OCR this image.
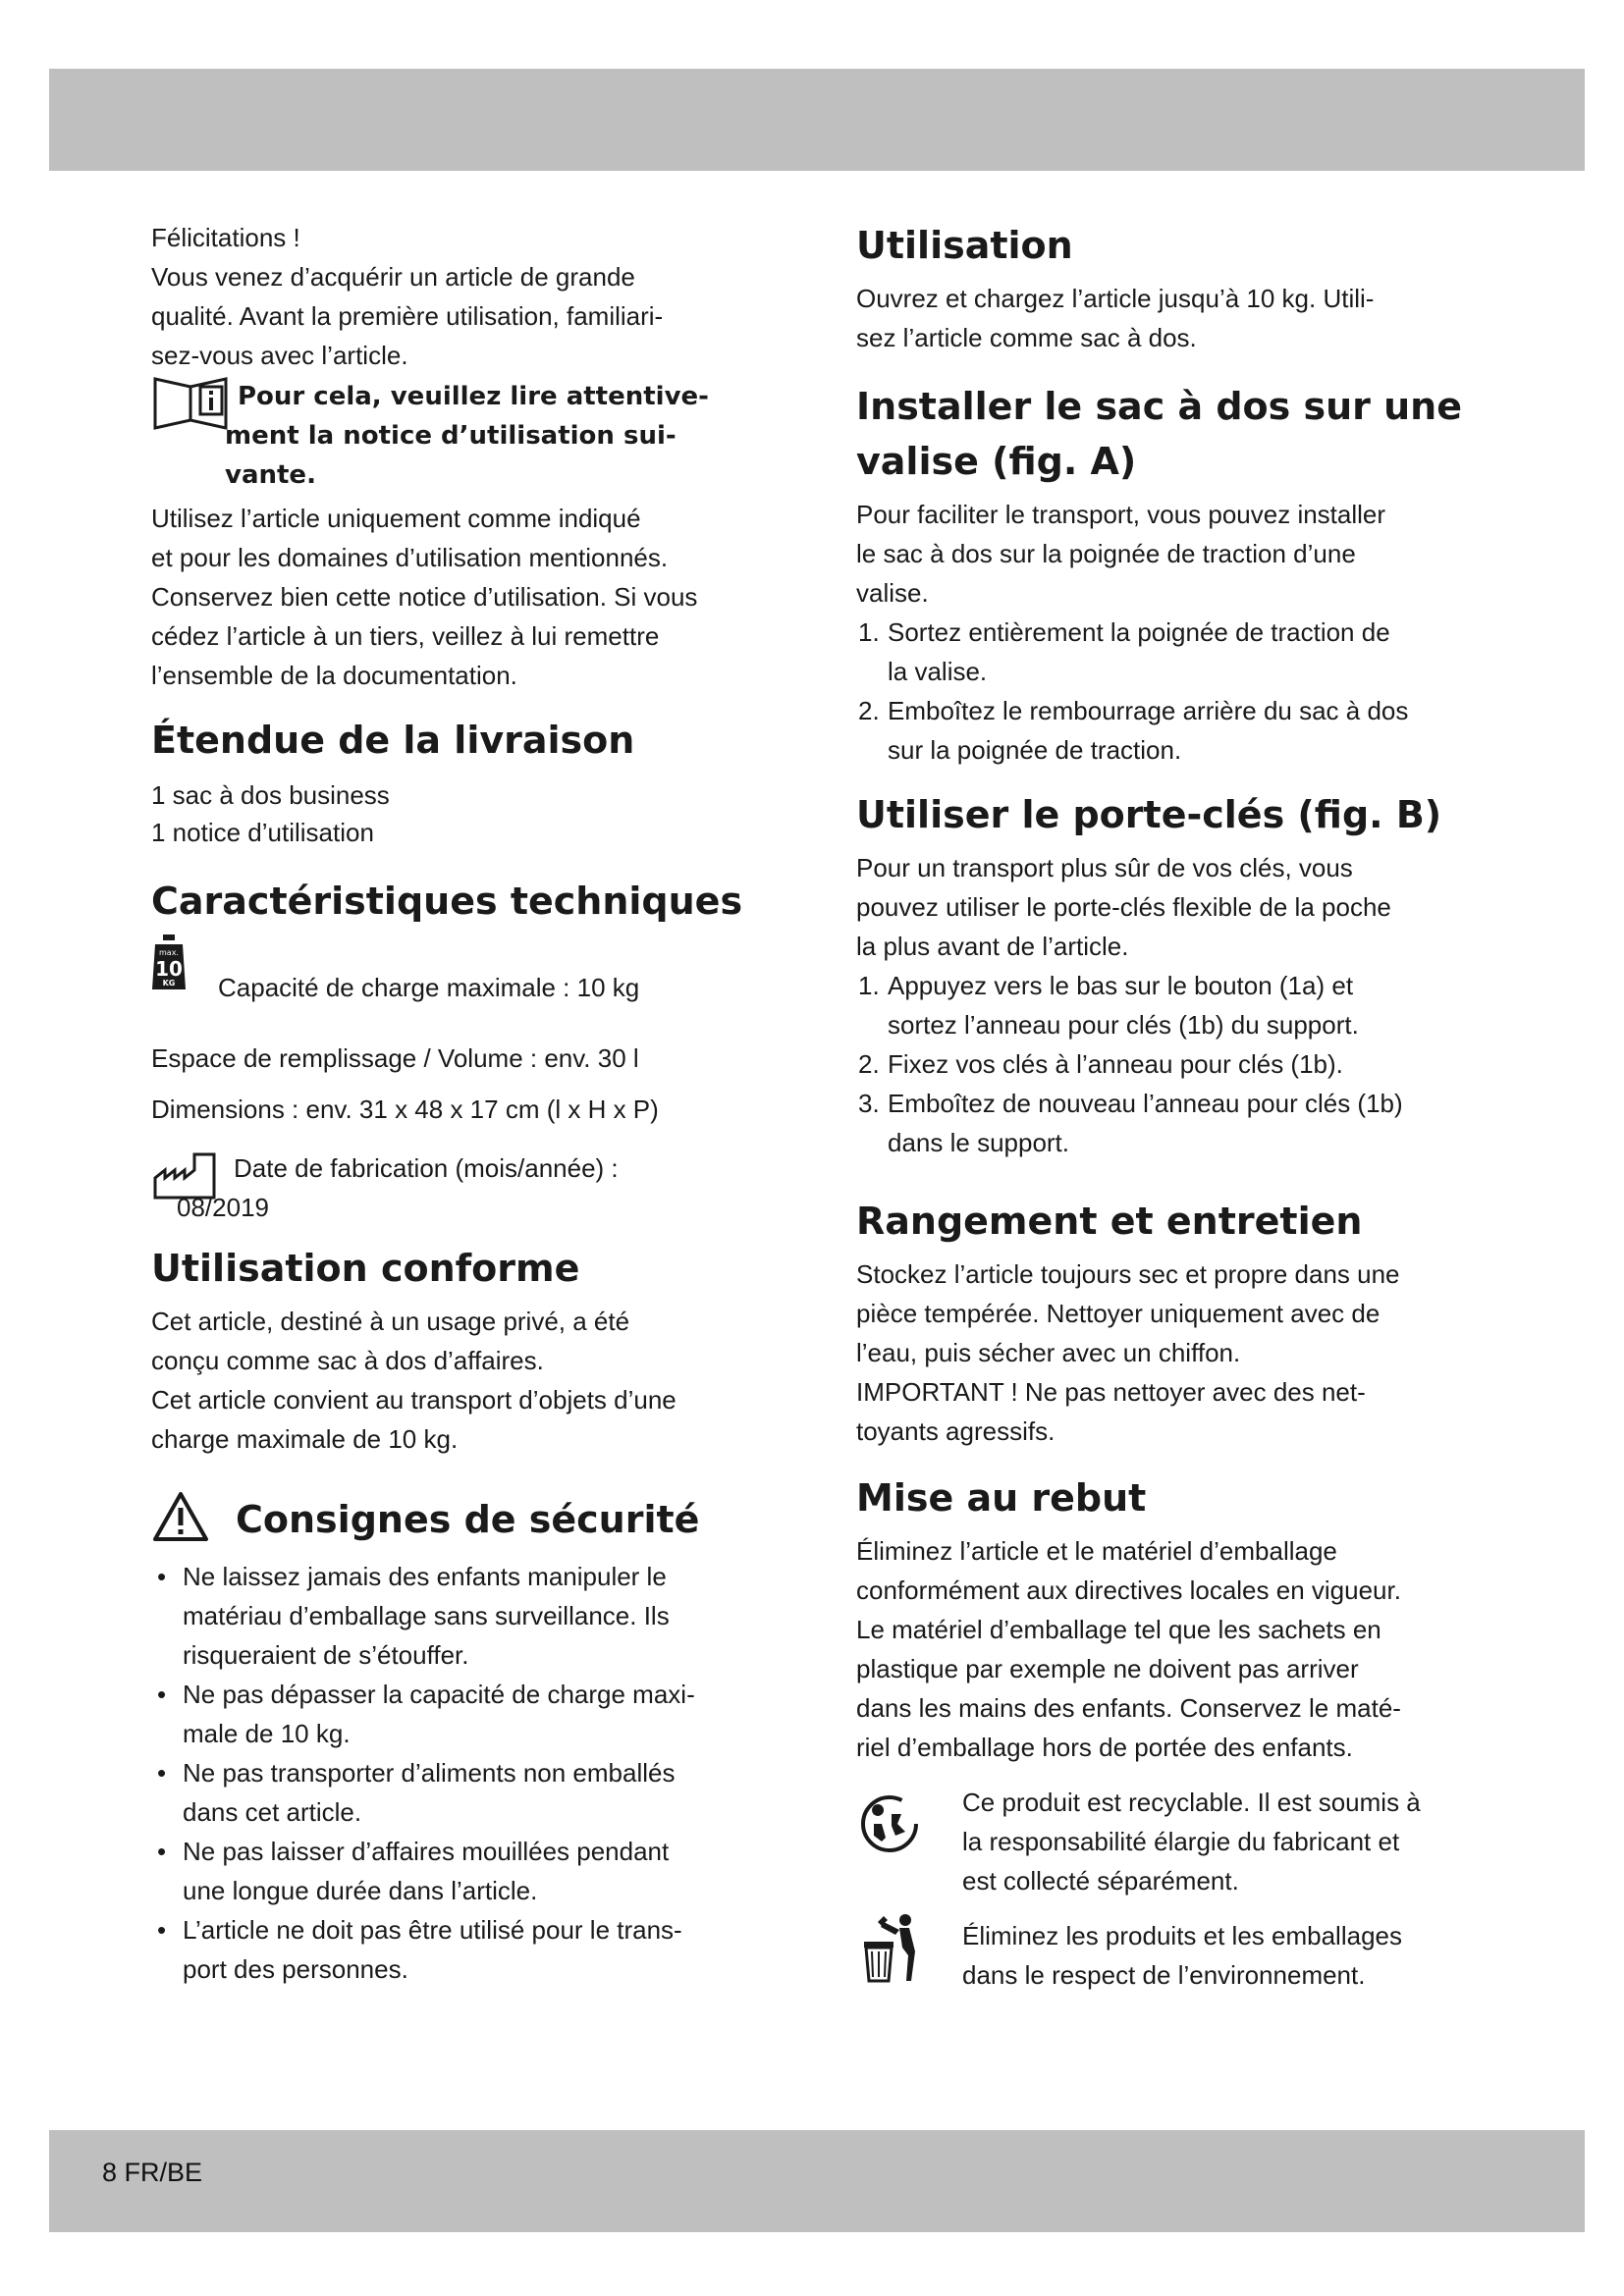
Félicitations !

Vous venez d’acquérir un article de grande

qualité. Avant la première utilisation, familiari-

sez-vous avec l’article.

Pour cela, veuillez lire attentive-

ment la notice d’utilisation sui-

vante.

Utilisez l’article uniquement comme indiqué

et pour les domaines d’utilisation mentionnés.

Conservez bien cette notice d’utilisation. Si vous

cédez l’article à un tiers, veillez à lui remettre

l’ensemble de la documentation.

Étendue de la livraison

1 sac à dos business

1 notice d’utilisation

Caractéristiques techniques
max.
10
KG Capacité de charge maximale : 10 kg

Espace de remplissage / Volume : env. 30 l

Dimensions : env. 31 x 48 x 17 cm (l x H x P)

Date de fabrication (mois/année) :

08/2019

Utilisation conforme

Cet article, destiné à un usage privé, a été

conçu comme sac à dos d’affaires.

Cet article convient au transport d’objets d’une

charge maximale de 10 kg.

Consignes de sécurité
• Ne laissez jamais des enfants manipuler le
matériau d’emballage sans surveillance. Ils
risqueraient de s’étouffer.
• Ne pas dépasser la capacité de charge maxi-
male de 10 kg.
• Ne pas transporter d’aliments non emballés
dans cet article.
• Ne pas laisser d’affaires mouillées pendant
une longue durée dans l’article.
• L’article ne doit pas être utilisé pour le trans-
port des personnes.
Utilisation

Ouvrez et chargez l’article jusqu’à 10 kg. Utili-

sez l’article comme sac à dos.

Installer le sac à dos sur une
valise (fig. A)

Pour faciliter le transport, vous pouvez installer

le sac à dos sur la poignée de traction d’une

valise.

1. Sortez entièrement la poignée de traction de
la valise.
2. Emboîtez le rembourrage arrière du sac à dos
sur la poignée de traction.
Utiliser le porte-clés (fig. B)

Pour un transport plus sûr de vos clés, vous

pouvez utiliser le porte-clés flexible de la poche

la plus avant de l’article.

1. Appuyez vers le bas sur le bouton (1a) et
sortez l’anneau pour clés (1b) du support.
2. Fixez vos clés à l’anneau pour clés (1b).
3. Emboîtez de nouveau l’anneau pour clés (1b)
dans le support.
Rangement et entretien

Stockez l’article toujours sec et propre dans une

pièce tempérée. Nettoyer uniquement avec de

l’eau, puis sécher avec un chiffon.

IMPORTANT ! Ne pas nettoyer avec des net-

toyants agressifs.

Mise au rebut

Éliminez l’article et le matériel d’emballage

conformément aux directives locales en vigueur.

Le matériel d’emballage tel que les sachets en

plastique par exemple ne doivent pas arriver

dans les mains des enfants. Conservez le maté-

riel d’emballage hors de portée des enfants.

Ce produit est recyclable. Il est soumis à

la responsabilité élargie du fabricant et

est collecté séparément.

Éliminez les produits et les emballages

dans le respect de l’environnement.

8 FR/BE
